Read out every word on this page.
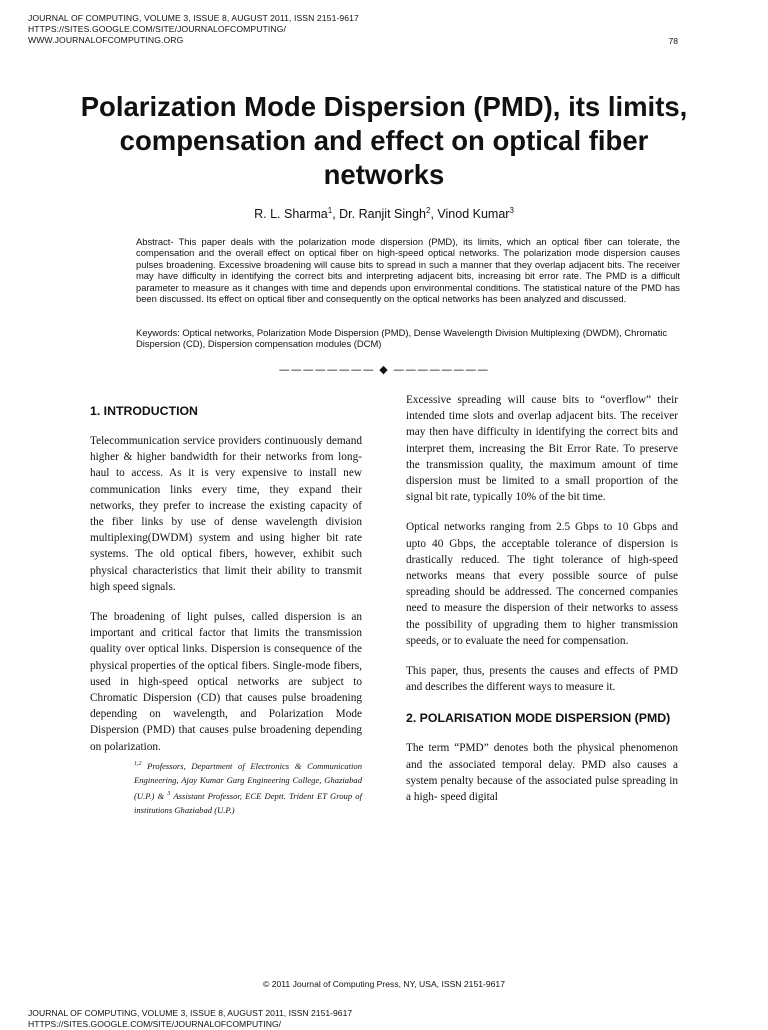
JOURNAL OF COMPUTING, VOLUME 3, ISSUE 8, AUGUST 2011, ISSN 2151-9617
HTTPS://SITES.GOOGLE.COM/SITE/JOURNALOFCOMPUTING/
WWW.JOURNALOFCOMPUTING.ORG	78
Polarization Mode Dispersion (PMD), its limits, compensation and effect on optical fiber networks
R. L. Sharma$^1$, Dr. Ranjit Singh$^2$, Vinod Kumar$^3$

Abstract- This paper deals with the polarization mode dispersion (PMD), its limits, which an optical fiber can tolerate, the compensation and the overall effect on optical fiber on high-speed optical networks. The polarization mode dispersion causes pulses broadening. Excessive broadening will cause bits to spread in such a manner that they overlap adjacent bits. The receiver may have difficulty in identifying the correct bits and interpreting adjacent bits, increasing bit error rate. The PMD is a difficult parameter to measure as it changes with time and depends upon environmental conditions. The statistical nature of the PMD has been discussed. Its effect on optical fiber and consequently on the optical networks has been analyzed and discussed.

Keywords: Optical networks, Polarization Mode Dispersion (PMD), Dense Wavelength Division Multiplexing (DWDM), Chromatic Dispersion (CD), Dispersion compensation modules (DCM)

———————— ◆ ————————
1. INTRODUCTION

Telecommunication service providers continuously demand higher & higher bandwidth for their networks from long-haul to access. As it is very expensive to install new communication links every time, they expand their networks, they prefer to increase the existing capacity of the fiber links by use of dense wavelength division multiplexing(DWDM) system and using higher bit rate systems. The old optical fibers, however, exhibit such physical characteristics that limit their ability to transmit high speed signals.

The broadening of light pulses, called dispersion is an important and critical factor that limits the transmission quality over optical links. Dispersion is consequence of the physical properties of the optical fibers. Single-mode fibers, used in high-speed optical networks are subject to Chromatic Dispersion (CD) that causes pulse broadening depending on wavelength, and Polarization Mode Dispersion (PMD) that causes pulse broadening depending on polarization.

$^{1,2}$ Professors, Department of Electronics & Communication Engineering, Ajay Kumar Garg Engineering College, Ghaziabad (U.P.) & $^3$ Assistant Professor, ECE Deptt. Trident ET Group of institutions Ghaziabad (U.P.)

Excessive spreading will cause bits to “overflow” their intended time slots and overlap adjacent bits. The receiver may then have difficulty in identifying the correct bits and interpret them, increasing the Bit Error Rate. To preserve the transmission quality, the maximum amount of time dispersion must be limited to a small proportion of the signal bit rate, typically 10% of the bit time.

Optical networks ranging from 2.5 Gbps to 10 Gbps and upto 40 Gbps, the acceptable tolerance of dispersion is drastically reduced. The tight tolerance of high-speed networks means that every possible source of pulse spreading should be addressed. The concerned companies need to measure the dispersion of their networks to assess the possibility of upgrading them to higher transmission speeds, or to evaluate the need for compensation.

This paper, thus, presents the causes and effects of PMD and describes the different ways to measure it.

2. POLARISATION MODE DISPERSION (PMD)

The term “PMD” denotes both the physical phenomenon and the associated temporal delay. PMD also causes a system penalty because of the associated pulse spreading in a high- speed digital

© 2011 Journal of Computing Press, NY, USA, ISSN 2151-9617
JOURNAL OF COMPUTING, VOLUME 3, ISSUE 8, AUGUST 2011, ISSN 2151-9617
HTTPS://SITES.GOOGLE.COM/SITE/JOURNALOFCOMPUTING/
